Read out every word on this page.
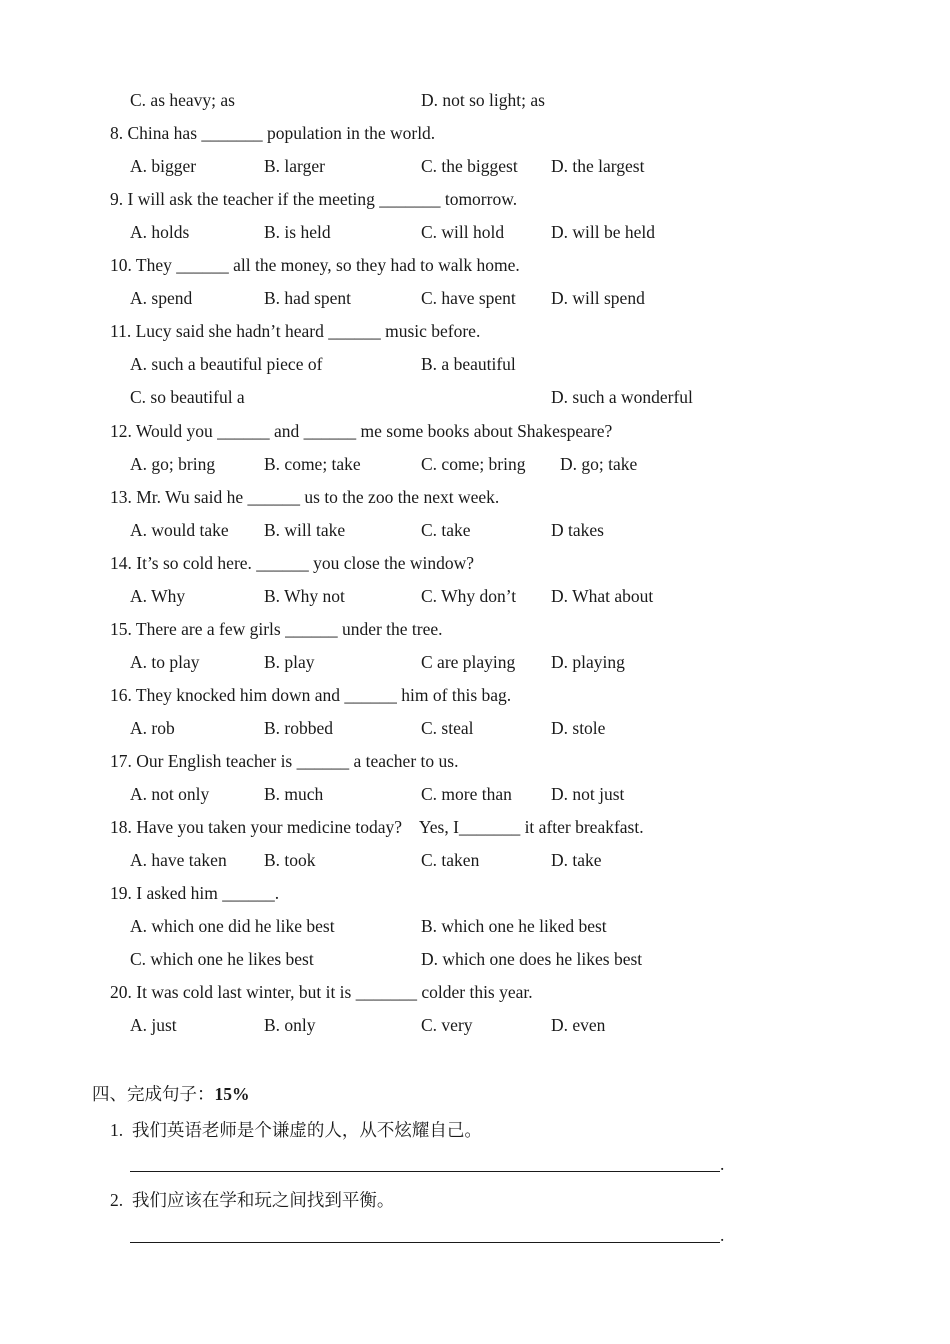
C. as heavy; as	D. not so light; as
8. China has _______ population in the world.
A. bigger	B. larger	C. the biggest D. the largest
9. I will ask the teacher if the meeting _______ tomorrow.
A. holds	B. is held	C. will hold	D. will be held
10. They ______ all the money, so they had to walk home.
A. spend	B. had spent	C. have spent D. will spend
11. Lucy said she hadn’t heard ______ music before.
A. such a beautiful piece of	B. a beautiful
C. so beautiful a	D. such a wonderful
12. Would you ______ and ______ me some books about Shakespeare?
A. go; bring	B. come; take	C. come; bring D. go; take
13. Mr. Wu said he ______ us to the zoo the next week.
A. would take B. will take	C. take	D takes
14. It’s so cold here. ______ you close the window?
A. Why	B. Why not	C. Why don’t D. What about
15. There are a few girls ______ under the tree.
A. to play	B. play	C are playing D. playing
16. They knocked him down and ______ him of this bag.
A. rob	B. robbed	C. steal	D. stole
17. Our English teacher is ______ a teacher to us.
A. not only	B. much	C. more than D. not just
18. Have you taken your medicine today?    Yes, I_______ it after breakfast.
A. have taken B. took	C. taken	D. take
19. I asked him ______.
A. which one did he like best	B. which one he liked best
C. which one he likes best	D. which one does he likes best
20. It was cold last winter, but it is _______ colder this year.
A. just	B. only	C. very	D. even
四、完成句子：15%
1.  我们英语老师是个谦虚的人，从不炫耀自己。
.
2.  我们应该在学和玩之间找到平衡。
.
